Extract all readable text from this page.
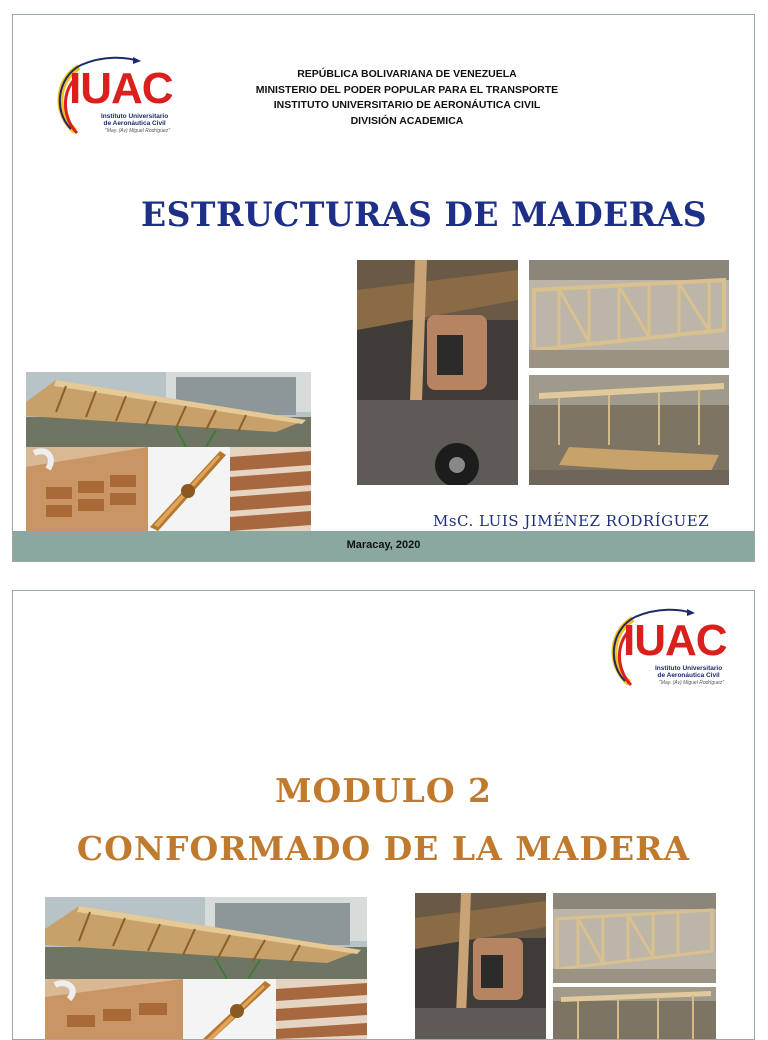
IUAC
Instituto Universitario
de Aeronáutica Civil
"May. (Av) Miguel Rodríguez"
REPÚBLICA BOLIVARIANA DE VENEZUELA
MINISTERIO DEL PODER POPULAR PARA EL TRANSPORTE
INSTITUTO UNIVERSITARIO DE AERONÁUTICA CIVIL
DIVISIÓN ACADEMICA
ESTRUCTURAS DE MADERAS
MsC. LUIS JIMÉNEZ RODRÍGUEZ
Maracay, 2020
IUAC
Instituto Universitario
de Aeronáutica Civil
"May. (Av) Miguel Rodríguez"
MODULO 2
CONFORMADO DE LA MADERA
